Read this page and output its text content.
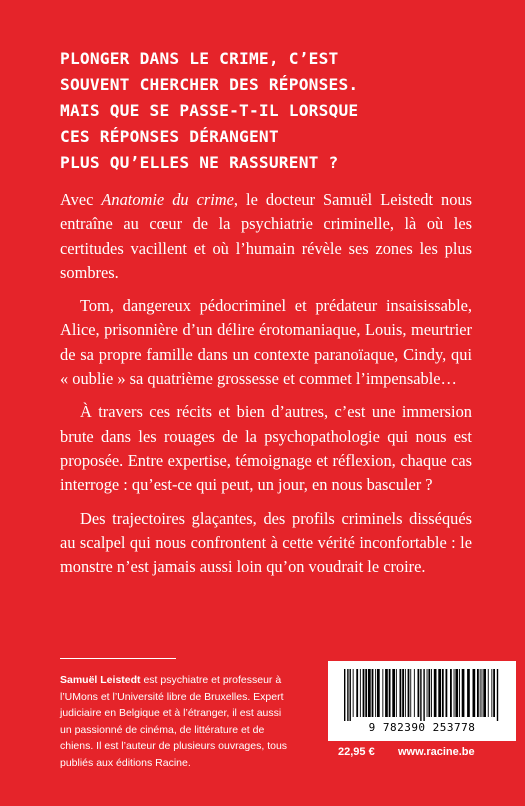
PLONGER DANS LE CRIME, C’EST
SOUVENT CHERCHER DES RÉPONSES.
MAIS QUE SE PASSE-T-IL LORSQUE
CES RÉPONSES DÉRANGENT
PLUS QU’ELLES NE RASSURENT ?

Avec Anatomie du crime, le docteur Samuël Leistedt nous entraîne au cœur de la psychiatrie criminelle, là où les certitudes vacillent et où l’humain révèle ses zones les plus sombres.

Tom, dangereux pédocriminel et prédateur insaisissable, Alice, prisonnière d’un délire érotomaniaque, Louis, meurtrier de sa propre famille dans un contexte paranoïaque, Cindy, qui « oublie » sa quatrième grossesse et commet l’impensable…

À travers ces récits et bien d’autres, c’est une immersion brute dans les rouages de la psychopathologie qui nous est proposée. Entre expertise, témoignage et réflexion, chaque cas interroge : qu’est-ce qui peut, un jour, en nous basculer ?

Des trajectoires glaçantes, des profils criminels disséqués au scalpel qui nous confrontent à cette vérité inconfortable : le monstre n’est jamais aussi loin qu’on voudrait le croire.

Samuël Leistedt est psychiatre et professeur à l’UMons et l’Université libre de Bruxelles. Expert judiciaire en Belgique et à l’étranger, il est aussi un passionné de cinéma, de littérature et de chiens. Il est l’auteur de plusieurs ouvrages, tous publiés aux éditions Racine.
9 782390 253778
22,95 € www.racine.be
